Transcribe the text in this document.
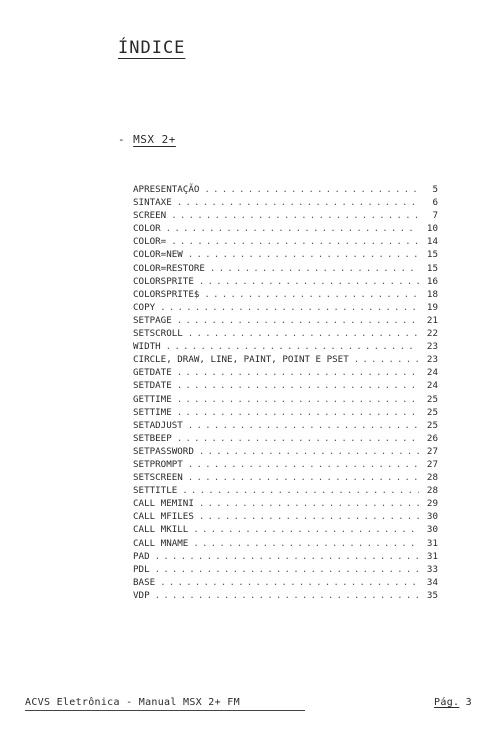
ÍNDICE
- MSX 2+
APRESENTAÇÃO . . .	5
SINTAXE . . .	6
SCREEN . . .	7
COLOR . . .	10
COLOR= . . .	14
COLOR=NEW . . .	15
COLOR=RESTORE . . .	15
COLORSPRITE . . .	16
COLORSPRITE$ . . .	18
COPY . . .	19
SETPAGE . . .	21
SETSCROLL . . .	22
WIDTH . . .	23
CIRCLE, DRAW, LINE, PAINT, POINT E PSET . . .	23
GETDATE . . .	24
SETDATE . . .	24
GETTIME . . .	25
SETTIME . . .	25
SETADJUST . . .	25
SETBEEP . . .	26
SETPASSWORD . . .	27
SETPROMPT . . .	27
SETSCREEN . . .	28
SETTITLE . . .	28
CALL MEMINI . . .	29
CALL MFILES . . .	30
CALL MKILL . . .	30
CALL MNAME . . .	31
PAD . . .	31
PDL . . .	33
BASE . . .	34
VDP . . .	35
ACVS Eletrônica - Manual MSX 2+ FM	Pág. 3
